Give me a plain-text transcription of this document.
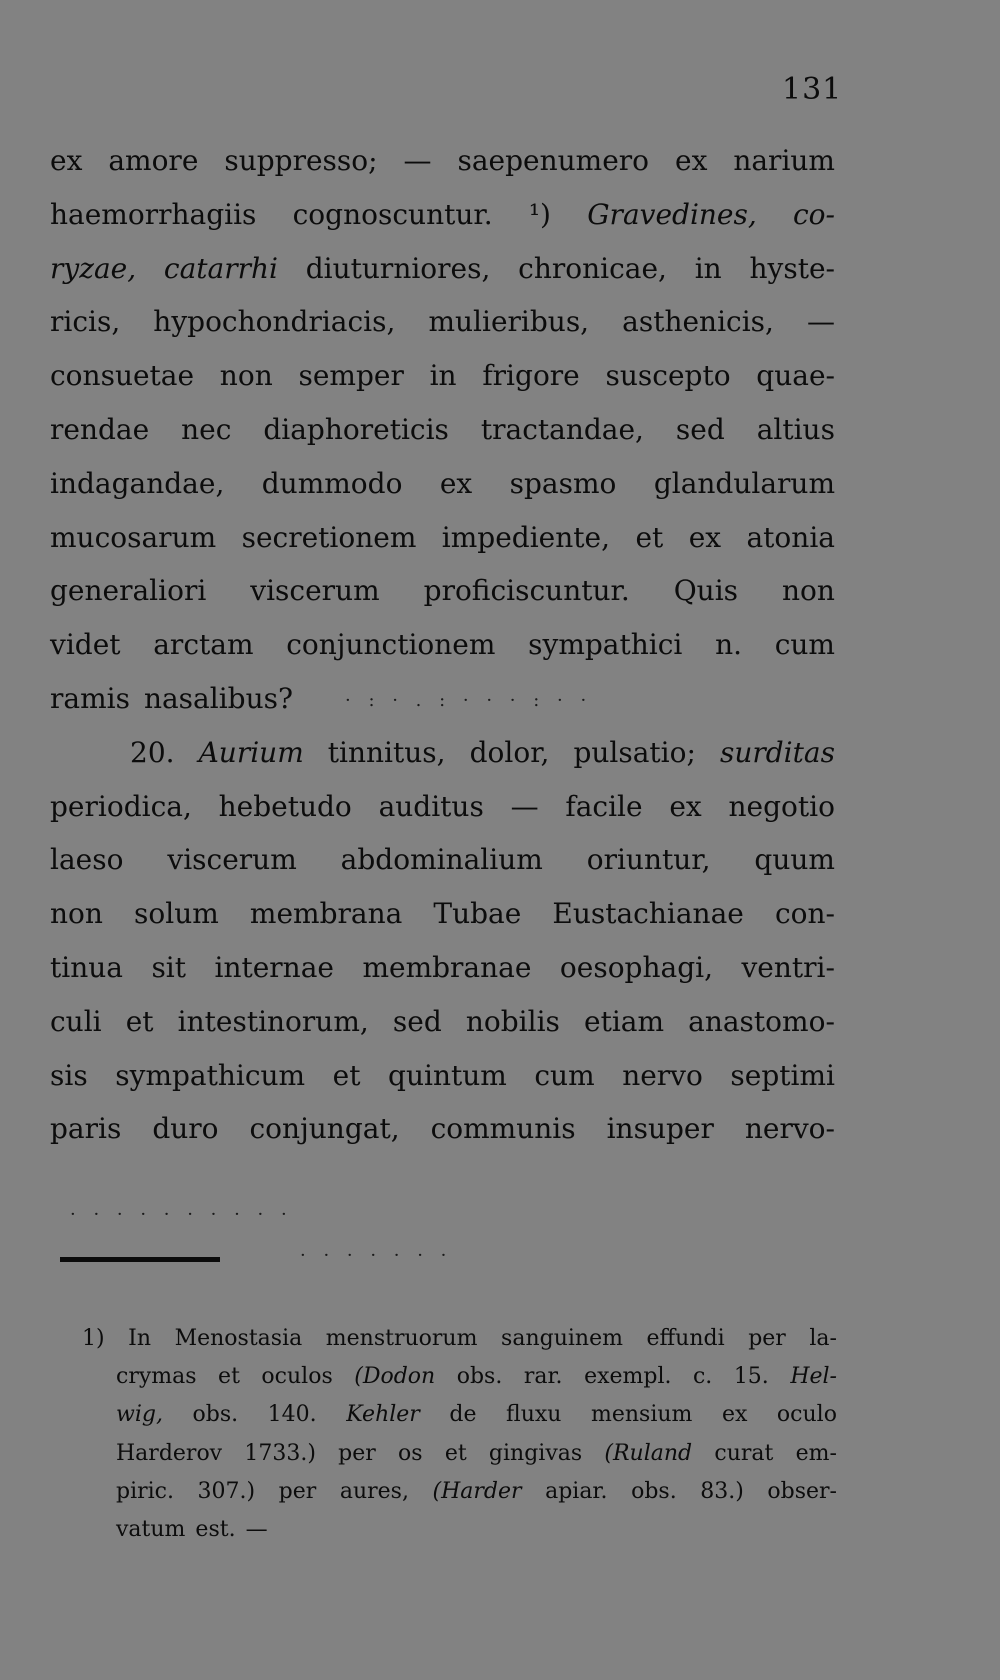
131
ex amore suppresso; — saepenumero ex narium
haemorrhagiis cognoscuntur. ¹) Gravedines, co-
ryzae, catarrhi diuturniores, chronicae, in hyste-
ricis, hypochondriacis, mulieribus, asthenicis, —
consuetae non semper in frigore suscepto quae-
rendae nec diaphoreticis tractandae, sed altius
indagandae, dummodo ex spasmo glandularum
mucosarum secretionem impediente, et ex atonia
generaliori viscerum proficiscuntur. Quis non
videt arctam conjunctionem sympathici n. cum
ramis nasalibus?
20. Aurium tinnitus, dolor, pulsatio; surditas
periodica, hebetudo auditus — facile ex negotio
laeso viscerum abdominalium oriuntur, quum
non solum membrana Tubae Eustachianae con-
tinua sit internae membranae oesophagi, ventri-
culi et intestinorum, sed nobilis etiam anastomo-
sis sympathicum et quintum cum nervo septimi
paris duro conjungat, communis insuper nervo-
1) In Menostasia menstruorum sanguinem effundi per la-
crymas et oculos (Dodon obs. rar. exempl. c. 15. Hel-
wig, obs. 140. Kehler de fluxu mensium ex oculo
Harderov 1733.) per os et gingivas (Ruland curat em-
piric. 307.) per aures, (Harder apiar. obs. 83.) obser-
vatum est. —
· : · . : · · · : · ·
· · · · · · · · · ·
· · · · · · ·
